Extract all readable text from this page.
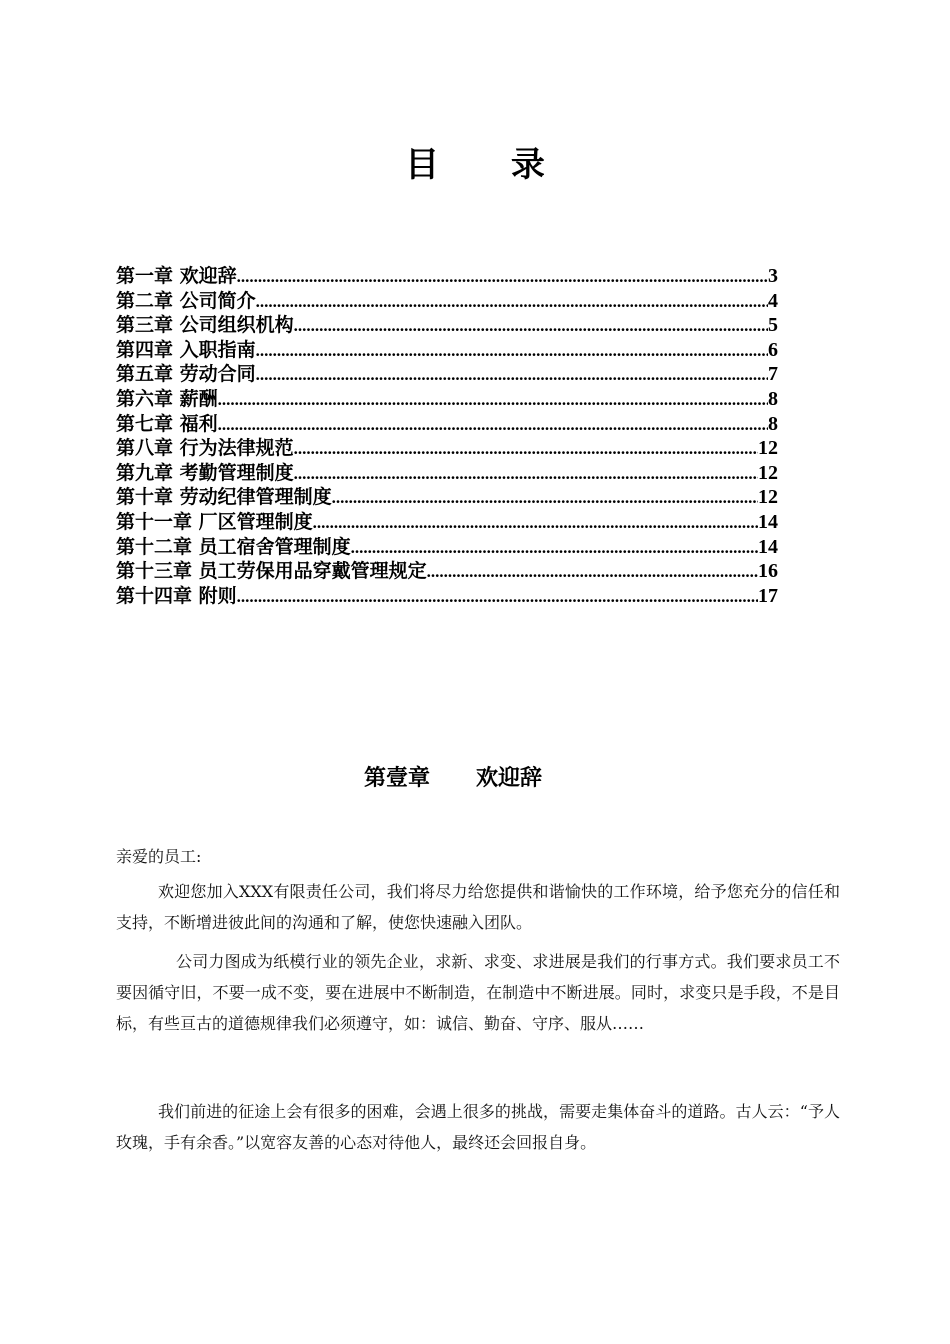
目 录
第一章 欢迎辞 .....	3
第二章 公司简介 .....	4
第三章 公司组织机构 .....	5
第四章 入职指南 .....	6
第五章 劳动合同 .....	7
第六章 薪酬 .....	8
第七章 福利 .....	8
第八章 行为法律规范 .....	12
第九章 考勤管理制度 .....	12
第十章 劳动纪律管理制度 .....	12
第十一章 厂区管理制度 .....	14
第十二章 员工宿舍管理制度 .....	14
第十三章 员工劳保用品穿戴管理规定 .....	16
第十四章 附则 .....	17
第壹章      欢迎辞
亲爱的员工:

欢迎您加入XXX有限责任公司，我们将尽力给您提供和谐愉快的工作环境，给予您充分的信任和支持，不断增进彼此间的沟通和了解，使您快速融入团队。

公司力图成为纸模行业的领先企业，求新、求变、求进展是我们的行事方式。我们要求员工不要因循守旧，不要一成不变，要在进展中不断制造，在制造中不断进展。同时，求变只是手段，不是目标，有些亘古的道德规律我们必须遵守，如：诚信、勤奋、守序、服从……

我们前进的征途上会有很多的困难，会遇上很多的挑战，需要走集体奋斗的道路。古人云：“予人玫瑰，手有余香。”以宽容友善的心态对待他人，最终还会回报自身。
